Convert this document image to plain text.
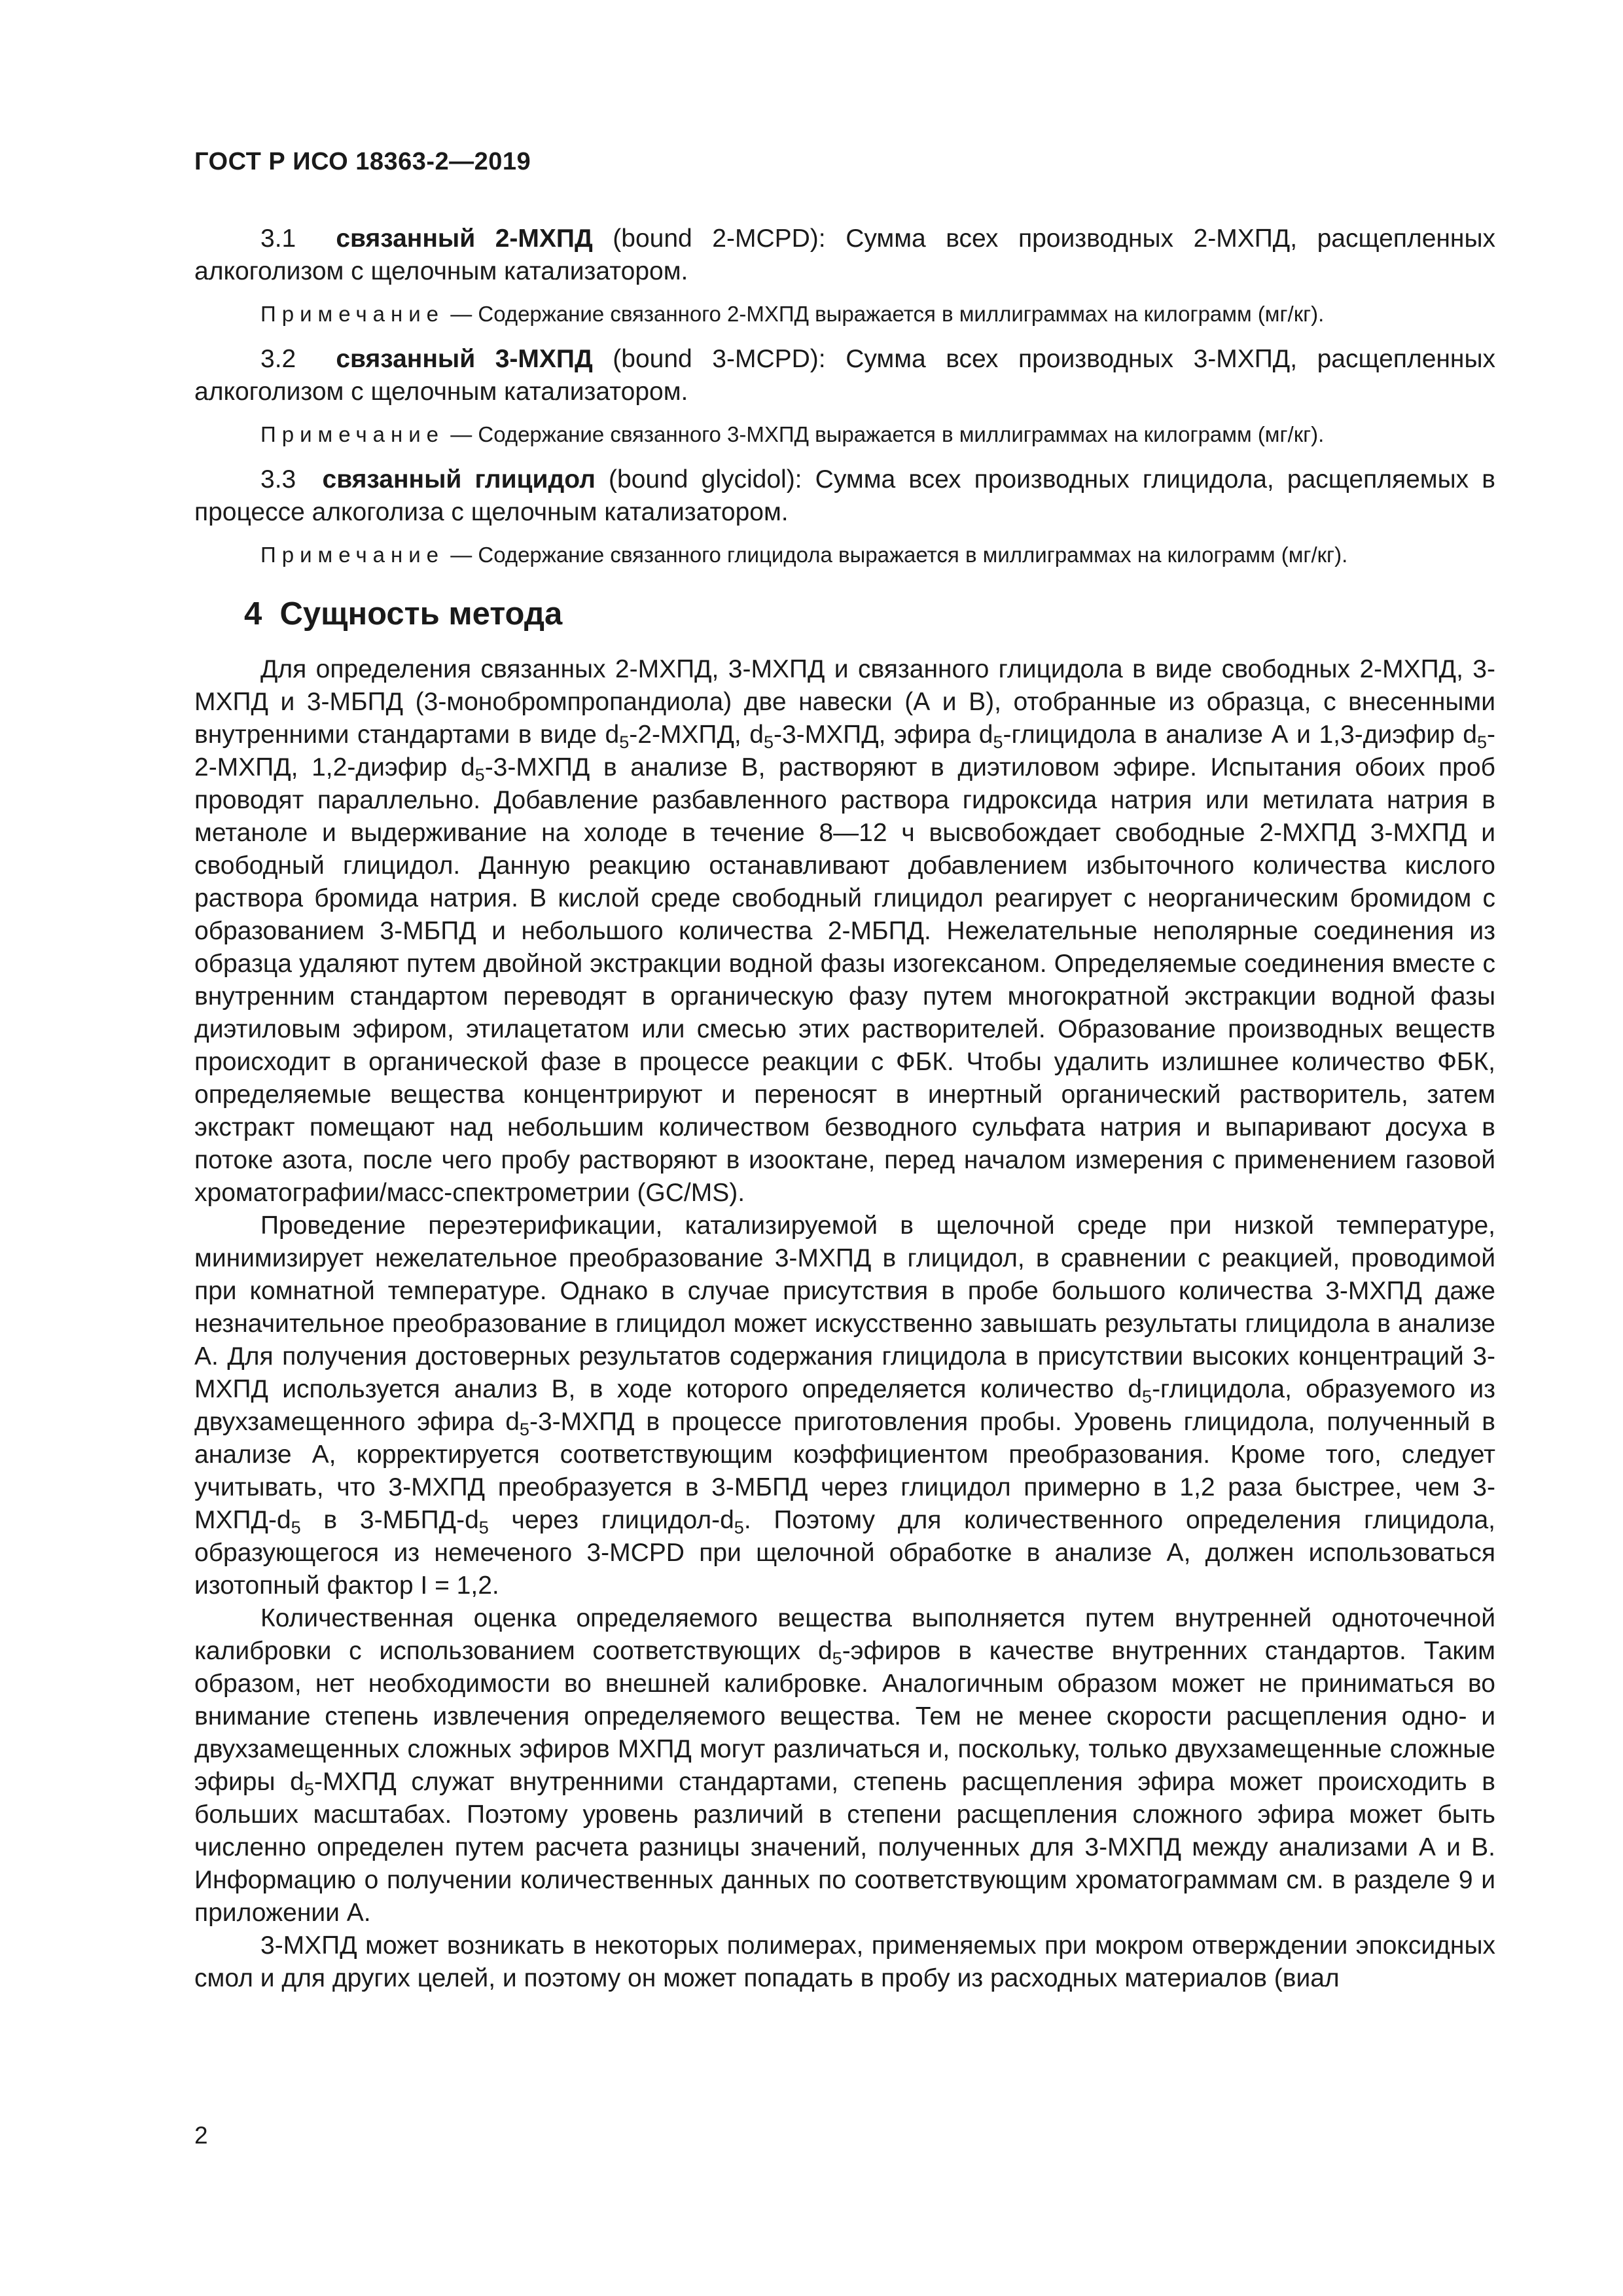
ГОСТ Р ИСО 18363-2—2019

3.1 связанный 2-МХПД (bound 2-MCPD): Сумма всех производных 2-МХПД, расщепленных алкоголизом с щелочным катализатором.

Примечание — Содержание связанного 2-МХПД выражается в миллиграммах на килограмм (мг/кг).

3.2 связанный 3-МХПД (bound 3-MCPD): Сумма всех производных 3-МХПД, расщепленных алкоголизом с щелочным катализатором.

Примечание — Содержание связанного 3-МХПД выражается в миллиграммах на килограмм (мг/кг).

3.3 связанный глицидол (bound glycidol): Сумма всех производных глицидола, расщепляемых в процессе алкоголиза с щелочным катализатором.

Примечание — Содержание связанного глицидола выражается в миллиграммах на килограмм (мг/кг).

4 Сущность метода

Для определения связанных 2-МХПД, 3-МХПД и связанного глицидола в виде свободных 2-МХПД, 3-МХПД и 3-МБПД (3-монобромпропандиола) две навески (А и В), отобранные из образца, с внесенными внутренними стандартами в виде $d_5-2$-МХПД, $d_5-3$-МХПД, эфира $d_5$-глицидола в анализе А и 1,3-диэфир $d_5-2$-МХПД, 1,2-диэфир $d_5-3$-МХПД в анализе В, растворяют в диэтиловом эфире. Испытания обоих проб проводят параллельно. Добавление разбавленного раствора гидроксида натрия или метилата натрия в метаноле и выдерживание на холоде в течение 8—12 ч высвобождает свободные 2-МХПД 3-МХПД и свободный глицидол. Данную реакцию останавливают добавлением избыточного количества кислого раствора бромида натрия. В кислой среде свободный глицидол реагирует с неорганическим бромидом с образованием 3-МБПД и небольшого количества 2-МБПД. Нежелательные неполярные соединения из образца удаляют путем двойной экстракции водной фазы изогексаном. Определяемые соединения вместе с внутренним стандартом переводят в органическую фазу путем многократной экстракции водной фазы диэтиловым эфиром, этилацетатом или смесью этих растворителей. Образование производных веществ происходит в органической фазе в процессе реакции с ФБК. Чтобы удалить излишнее количество ФБК, определяемые вещества концентрируют и переносят в инертный органический растворитель, затем экстракт помещают над небольшим количеством безводного сульфата натрия и выпаривают досуха в потоке азота, после чего пробу растворяют в изооктане, перед началом измерения с применением газовой хроматографии/масс-спектрометрии (GC/MS).

Проведение переэтерификации, катализируемой в щелочной среде при низкой температуре, минимизирует нежелательное преобразование 3-МХПД в глицидол, в сравнении с реакцией, проводимой при комнатной температуре. Однако в случае присутствия в пробе большого количества 3-МХПД даже незначительное преобразование в глицидол может искусственно завышать результаты глицидола в анализе А. Для получения достоверных результатов содержания глицидола в присутствии высоких концентраций 3-МХПД используется анализ В, в ходе которого определяется количество $d_5$-глицидола, образуемого из двухзамещенного эфира $d_5-3$-МХПД в процессе приготовления пробы. Уровень глицидола, полученный в анализе А, корректируется соответствующим коэффициентом преобразования. Кроме того, следует учитывать, что 3-МХПД преобразуется в 3-МБПД через глицидол примерно в 1,2 раза быстрее, чем $3-МХПД-d_5$ в $3-МБПД-d_5$ через глицидол-$d_5$. Поэтому для количественного определения глицидола, образующегося из немеченого 3-MCPD при щелочной обработке в анализе А, должен использоваться изотопный фактор I = 1,2.

Количественная оценка определяемого вещества выполняется путем внутренней одноточечной калибровки с использованием соответствующих $d_5$-эфиров в качестве внутренних стандартов. Таким образом, нет необходимости во внешней калибровке. Аналогичным образом может не приниматься во внимание степень извлечения определяемого вещества. Тем не менее скорости расщепления одно- и двухзамещенных сложных эфиров МХПД могут различаться и, поскольку, только двухзамещенные сложные эфиры $d_5$-МХПД служат внутренними стандартами, степень расщепления эфира может происходить в больших масштабах. Поэтому уровень различий в степени расщепления сложного эфира может быть численно определен путем расчета разницы значений, полученных для 3-МХПД между анализами А и В. Информацию о получении количественных данных по соответствующим хроматограммам см. в разделе 9 и приложении А.

3-МХПД может возникать в некоторых полимерах, применяемых при мокром отверждении эпоксидных смол и для других целей, и поэтому он может попадать в пробу из расходных материалов (виал

2
